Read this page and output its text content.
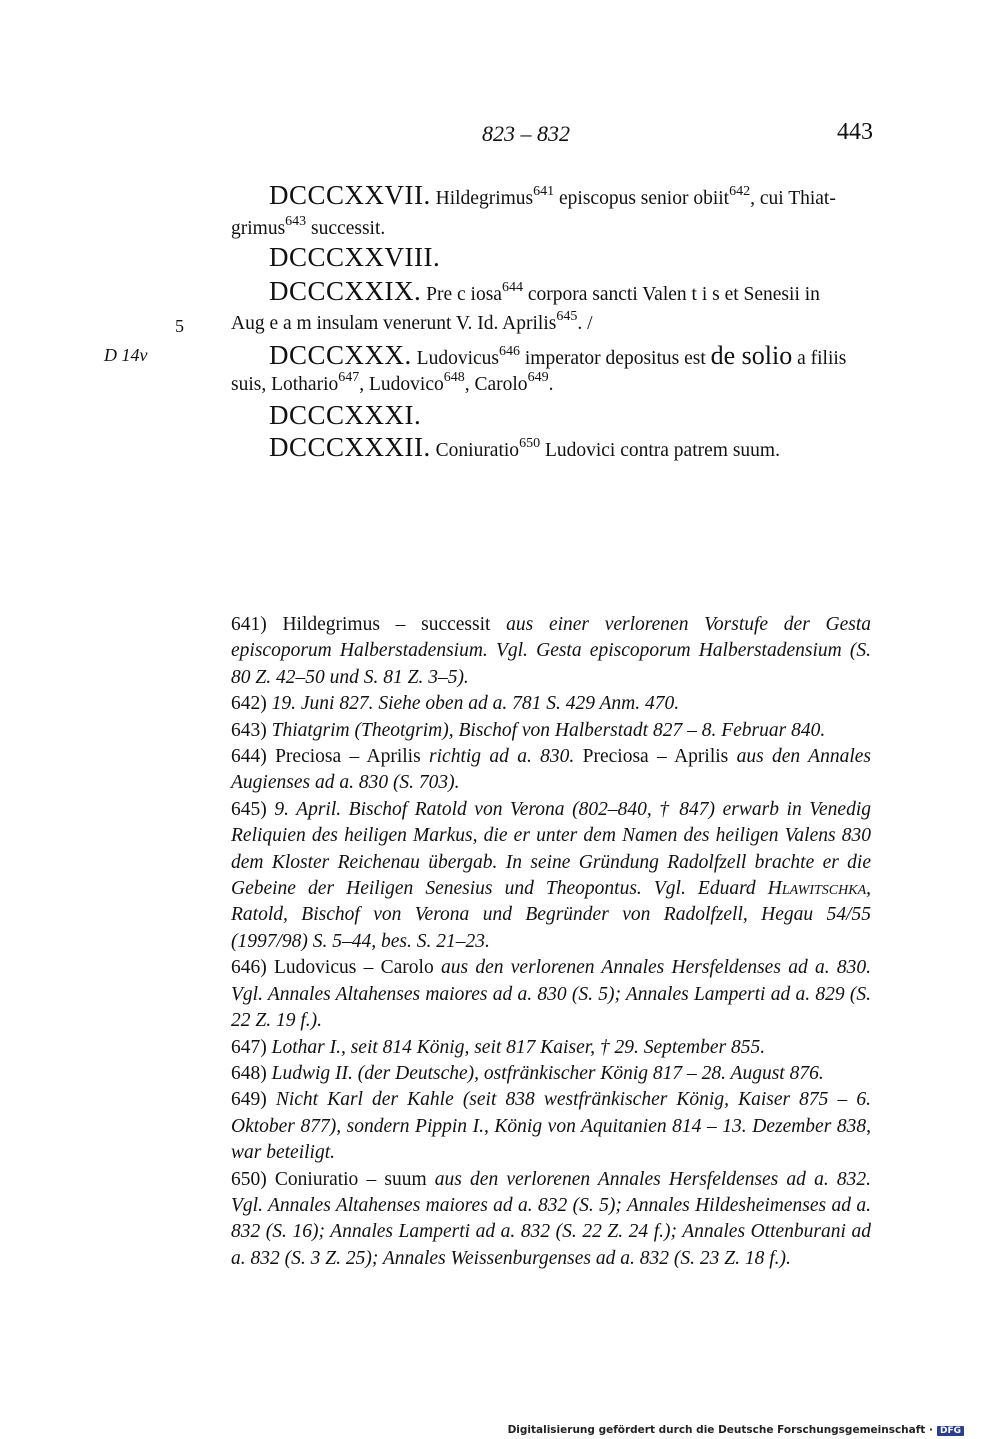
823 – 832	443
5
D 14v
DCCCXXVII. Hildegrimus$^{641}$ episcopus senior obiit$^{642}$, cui Thiat-
grimus$^{643}$ successit.
DCCCXXVIII.
DCCCXXIX. Pre c iosa$^{644}$ corpora sancti Valen t i s et Senesii in
Aug e a m insulam venerunt V. Id. Aprilis$^{645}$. /
DCCCXXX. Ludovicus$^{646}$ imperator depositus est de solio a filiis
suis, Lothario$^{647}$, Ludovico$^{648}$, Carolo$^{649}$.
DCCCXXXI.
DCCCXXXII. Coniuratio$^{650}$ Ludovici contra patrem suum.
641) Hildegrimus – successit aus einer verlorenen Vorstufe der Gesta episcoporum Halberstadensium. Vgl. Gesta episcoporum Halberstadensium (S. 80 Z. 42–50 und S. 81 Z. 3–5).
642) 19. Juni 827. Siehe oben ad a. 781 S. 429 Anm. 470.
643) Thiatgrim (Theotgrim), Bischof von Halberstadt 827 – 8. Februar 840.
644) Preciosa – Aprilis richtig ad a. 830. Preciosa – Aprilis aus den Annales Augienses ad a. 830 (S. 703).
645) 9. April. Bischof Ratold von Verona (802–840, † 847) erwarb in Venedig Reliquien des heiligen Markus, die er unter dem Namen des heiligen Valens 830 dem Kloster Reichenau übergab. In seine Gründung Radolfzell brachte er die Gebeine der Heiligen Senesius und Theopontus. Vgl. Eduard Hlawitschka, Ratold, Bischof von Verona und Begründer von Radolfzell, Hegau 54/55 (1997/98) S. 5–44, bes. S. 21–23.
646) Ludovicus – Carolo aus den verlorenen Annales Hersfeldenses ad a. 830. Vgl. Annales Altahenses maiores ad a. 830 (S. 5); Annales Lamperti ad a. 829 (S. 22 Z. 19 f.).
647) Lothar I., seit 814 König, seit 817 Kaiser, † 29. September 855.
648) Ludwig II. (der Deutsche), ostfränkischer König 817 – 28. August 876.
649) Nicht Karl der Kahle (seit 838 westfränkischer König, Kaiser 875 – 6. Oktober 877), sondern Pippin I., König von Aquitanien 814 – 13. Dezember 838, war beteiligt.
650) Coniuratio – suum aus den verlorenen Annales Hersfeldenses ad a. 832. Vgl. Annales Altahenses maiores ad a. 832 (S. 5); Annales Hildesheimenses ad a. 832 (S. 16); Annales Lamperti ad a. 832 (S. 22 Z. 24 f.); Annales Ottenburani ad a. 832 (S. 3 Z. 25); Annales Weissenburgenses ad a. 832 (S. 23 Z. 18 f.).
Digitalisierung gefördert durch die Deutsche Forschungsgemeinschaft · DFG
